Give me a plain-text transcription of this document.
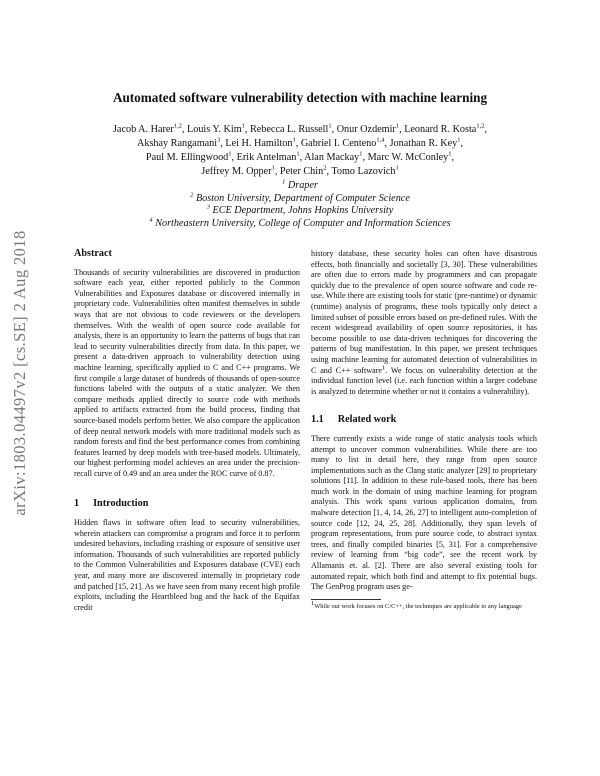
arXiv:1803.04497v2 [cs.SE] 2 Aug 2018
Automated software vulnerability detection with machine learning
Jacob A. Harer$^{1,2}$, Louis Y. Kim$^1$, Rebecca L. Russell$^1$, Onur Ozdemir$^1$, Leonard R. Kosta$^{1,2}$,
Akshay Rangamani$^3$, Lei H. Hamilton$^1$, Gabriel I. Centeno$^{1,4}$, Jonathan R. Key$^1$,
Paul M. Ellingwood$^1$, Erik Antelman$^1$, Alan Mackay$^1$, Marc W. McConley$^1$,
Jeffrey M. Opper$^1$, Peter Chin$^2$, Tomo Lazovich$^1$
$^1$ Draper
$^2$ Boston University, Department of Computer Science
$^3$ ECE Department, Johns Hopkins University
$^4$ Northeastern University, College of Computer and Information Sciences
Abstract

Thousands of security vulnerabilities are discovered in production software each year, either reported publicly to the Common Vulnerabilities and Exposures database or discovered internally in proprietary code. Vulnerabilities often manifest themselves in subtle ways that are not obvious to code reviewers or the developers themselves. With the wealth of open source code available for analysis, there is an opportunity to learn the patterns of bugs that can lead to security vulnerabilities directly from data. In this paper, we present a data-driven approach to vulnerability detection using machine learning, specifically applied to C and C++ programs. We first compile a large dataset of hundreds of thousands of open-source functions labeled with the outputs of a static analyzer. We then compare methods applied directly to source code with methods applied to artifacts extracted from the build process, finding that source-based models perform better. We also compare the application of deep neural network models with more traditional models such as random forests and find the best performance comes from combining features learned by deep models with tree-based models. Ultimately, our highest performing model achieves an area under the precision-recall curve of 0.49 and an area under the ROC curve of 0.87.

1 Introduction

Hidden flaws in software often lead to security vulnerabilities, wherein attackers can compromise a program and force it to perform undesired behaviors, including crashing or exposure of sensitive user information. Thousands of such vulnerabilities are reported publicly to the Common Vulnerabilities and Exposures database (CVE) each year, and many more are discovered internally in proprietary code and patched [15, 21]. As we have seen from many recent high profile exploits, including the Heartbleed bug and the hack of the Equifax credit

history database, these security holes can often have disastrous effects, both financially and societally [3, 30]. These vulnerabilities are often due to errors made by programmers and can propagate quickly due to the prevalence of open source software and code re-use. While there are existing tools for static (pre-runtime) or dynamic (runtime) analysis of programs, these tools typically only detect a limited subset of possible errors based on pre-defined rules. With the recent widespread availability of open source repositories, it has become possible to use data-driven techniques for discovering the patterns of bug manifestation. In this paper, we present techniques using machine learning for automated detection of vulnerabilities in C and C++ software$^1$. We focus on vulnerability detection at the individual function level (i.e. each function within a larger codebase is analyzed to determine whether or not it contains a vulnerability).

1.1 Related work

There currently exists a wide range of static analysis tools which attempt to uncover common vulnerabilities. While there are too many to list in detail here, they range from open source implementations such as the Clang static analyzer [29] to proprietary solutions [11]. In addition to these rule-based tools, there has been much work in the domain of using machine learning for program analysis. This work spans various application domains, from malware detection [1, 4, 14, 26, 27] to intelligent auto-completion of source code [12, 24, 25, 28]. Additionally, they span levels of program representations, from pure source code, to abstract syntax trees, and finally compiled binaries [5, 31]. For a comprehensive review of learning from “big code”, see the recent work by Allamanis et. al. [2]. There are also several existing tools for automated repair, which both find and attempt to fix potential bugs. The GenProg program uses ge-

$^1$While our work focuses on C/C++, the techniques are applicable to any language
